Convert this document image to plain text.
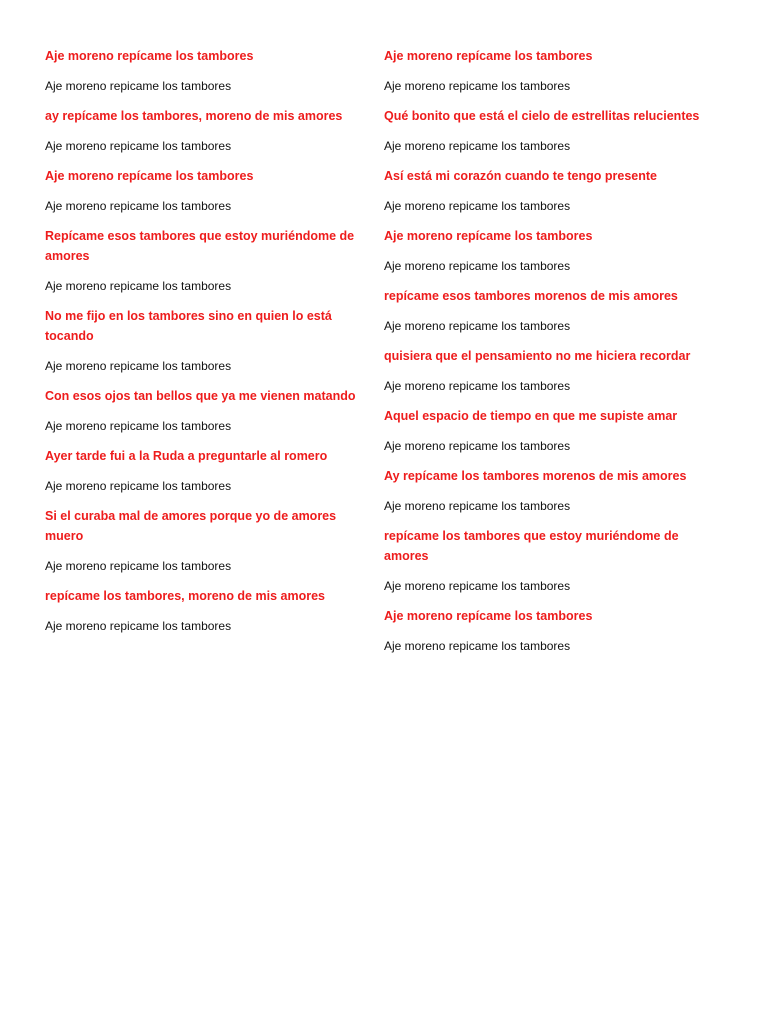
Aje moreno repícame los tambores

Aje moreno repicame los tambores

ay repícame los tambores, moreno de mis amores

Aje moreno repicame los tambores

Aje moreno repícame los tambores

Aje moreno repicame los tambores

Repícame esos tambores que estoy muriéndome de amores

Aje moreno repicame los tambores

No me fijo en los tambores sino en quien lo está tocando

Aje moreno repicame los tambores

Con esos ojos tan bellos que ya me vienen matando

Aje moreno repicame los tambores

Ayer tarde fui a la Ruda a preguntarle al romero

Aje moreno repicame los tambores

Si el curaba mal de amores porque yo de amores muero

Aje moreno repicame los tambores

repícame los tambores, moreno de mis amores

Aje moreno repicame los tambores

Aje moreno repícame los tambores

Aje moreno repicame los tambores

Qué bonito que está el cielo de estrellitas relucientes

Aje moreno repicame los tambores

Así está mi corazón cuando te tengo presente

Aje moreno repicame los tambores

Aje moreno repícame los tambores

Aje moreno repicame los tambores

repícame esos tambores morenos de mis amores

Aje moreno repicame los tambores

quisiera que el pensamiento no me hiciera recordar

Aje moreno repicame los tambores

Aquel espacio de tiempo en que me supiste amar

Aje moreno repicame los tambores

Ay repícame los tambores morenos de mis amores

Aje moreno repicame los tambores

repícame los tambores que estoy muriéndome de amores

Aje moreno repicame los tambores

Aje moreno repícame los tambores

Aje moreno repicame los tambores
